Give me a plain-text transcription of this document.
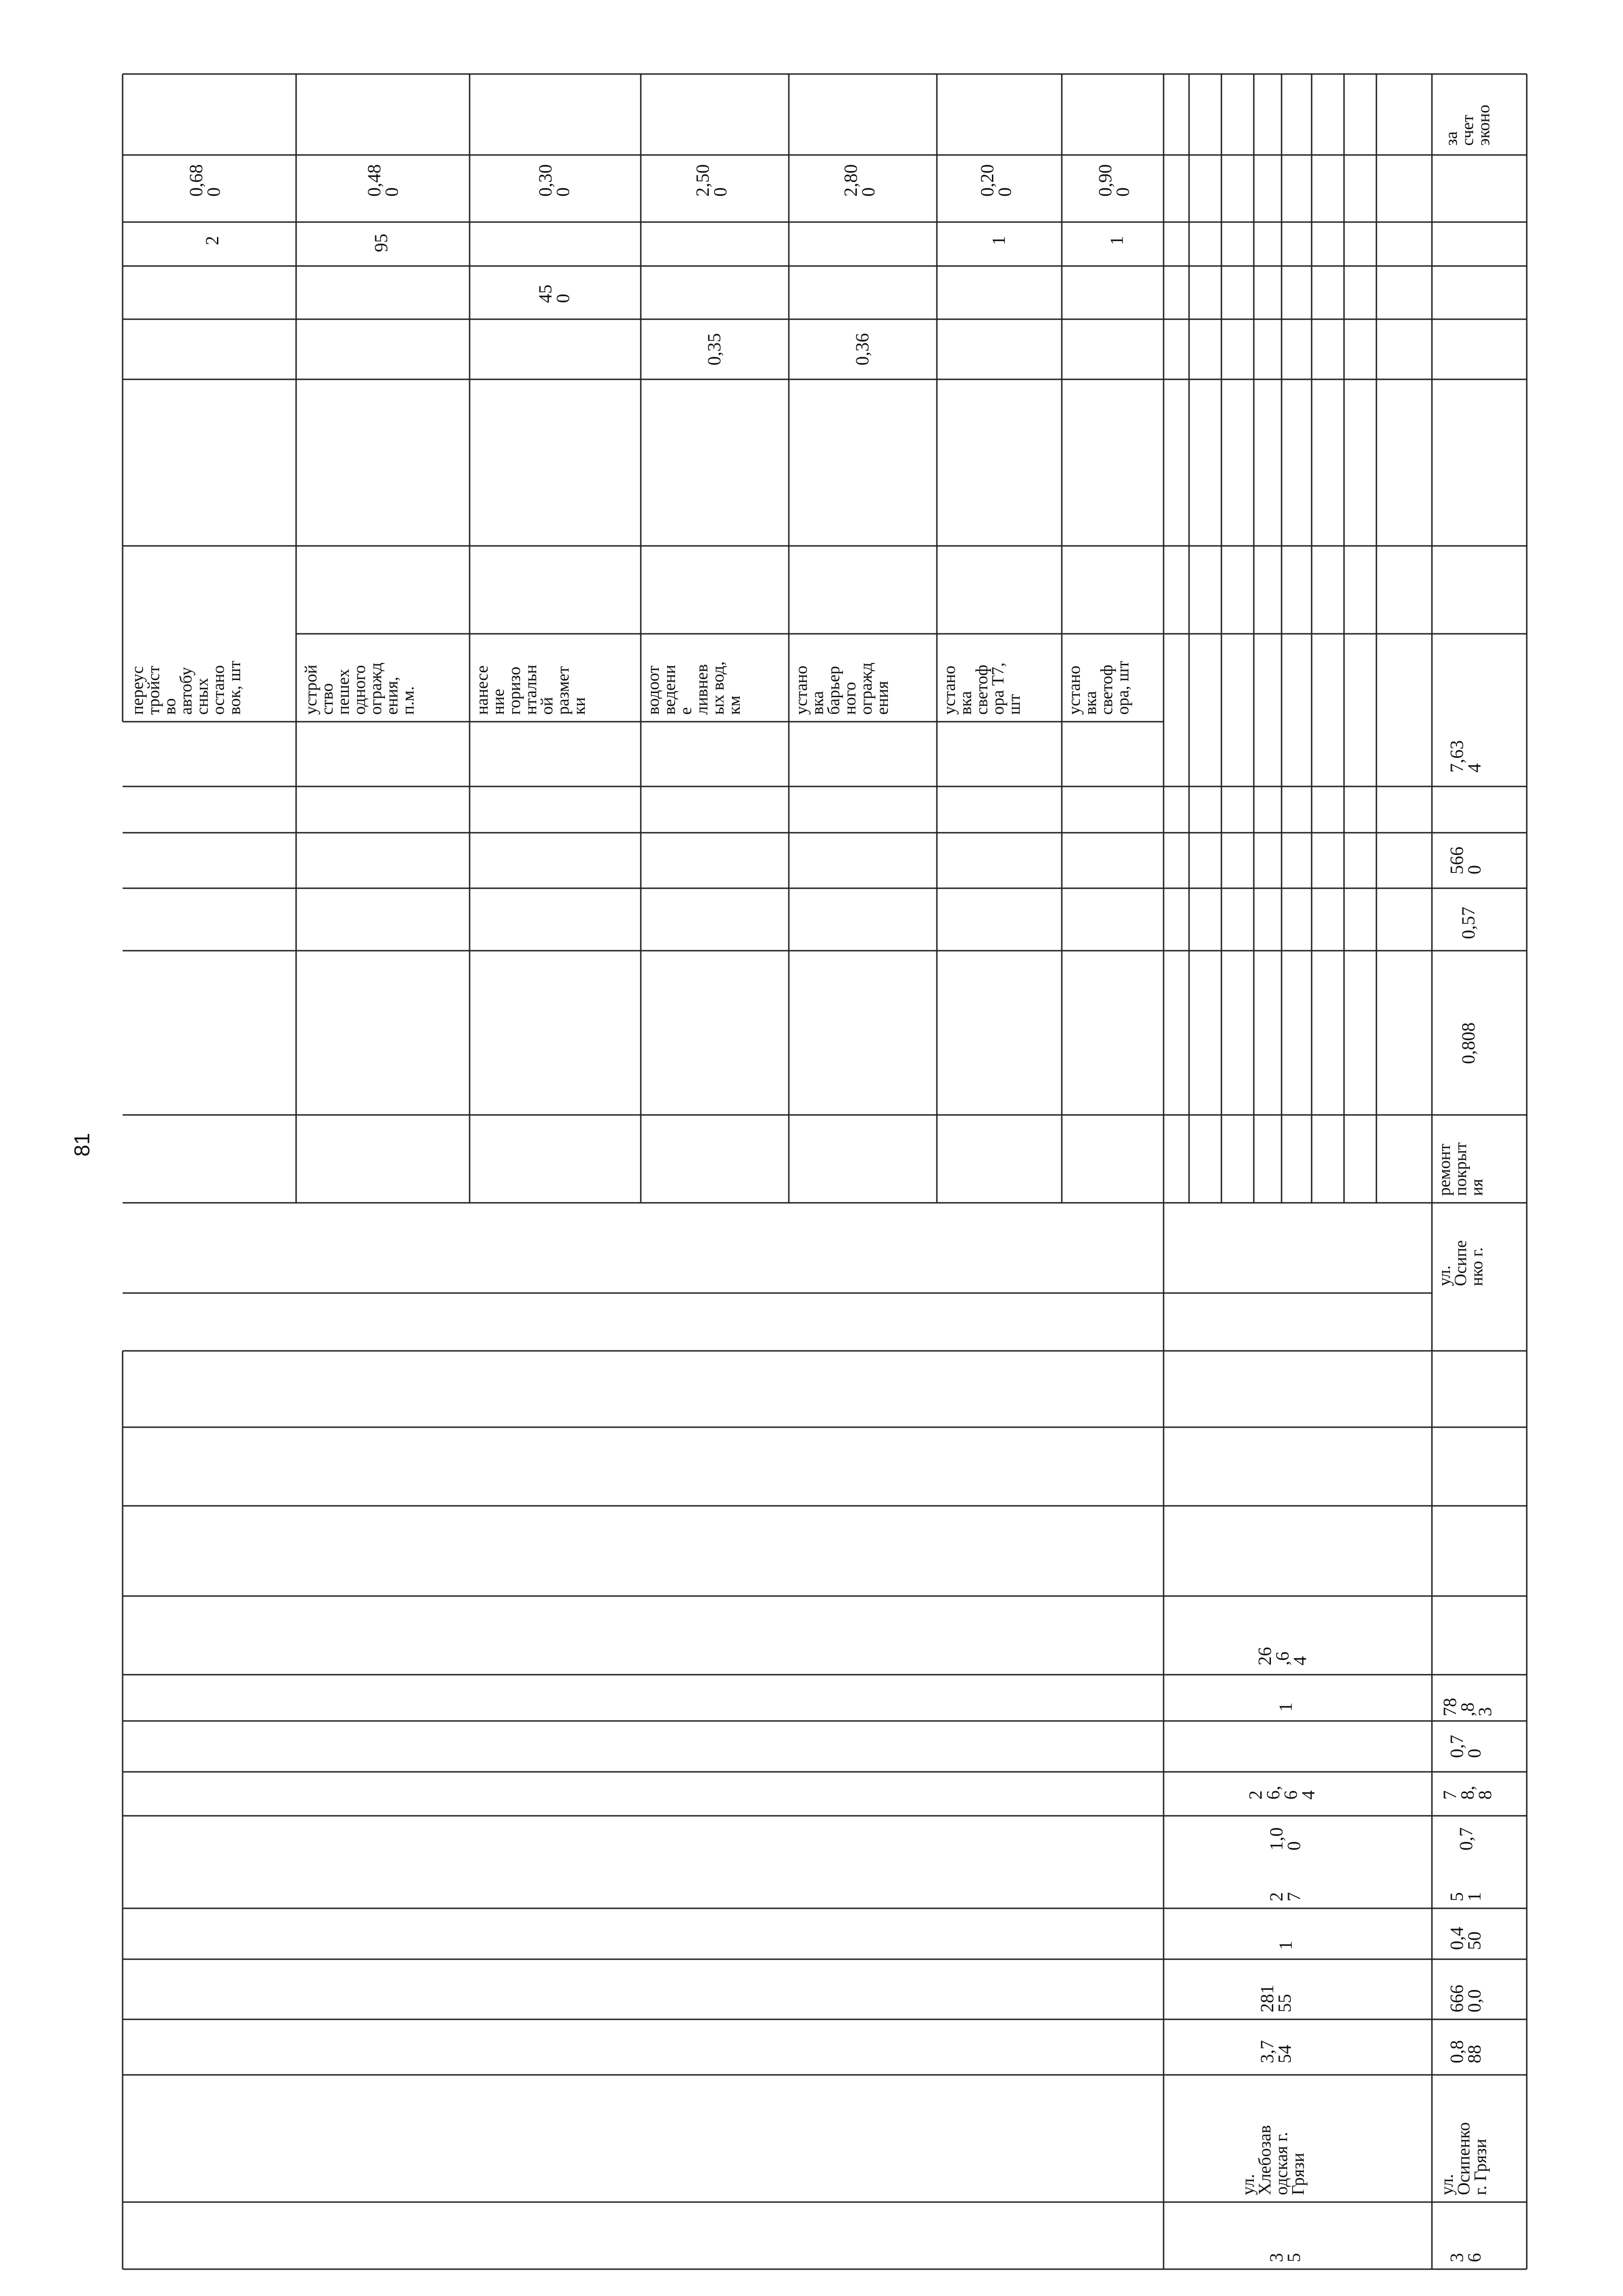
81
переус
тройст
во
автобу
сных
остано
вок, шт
2
0,68
0
устрой
ство
пешех
одного
огражд
ения,
п.м.
95
0,48
0
нанесе
ние
горизо
нтальн
ой
размет
ки
45
0
0,30
0
водоот
ведени
е
ливнев
ых вод,
км
0,35
2,50
0
устано
вка
барьер
ного
огражд
ения
0,36
2,80
0
устано
вка
светоф
ора Т7,
шт
1
0,20
0
устано
вка
светоф
ора, шт
1
0,90
0
за
счет
эконо
7,63
4
566
0
0,57
0,808
ремонт
покрыт
ия
ул.
Осипе
нко г.
3
5
ул.
Хлебозав
одская г.
Грязи
3,7
54
281
55
1
2
7
1,0
0
2
6,
6
4
1
26
,6
4
3
6
ул.
Осипенко
г. Грязи
0,8
88
666
0,0
0,4
50
5
1
0,7
7
8,
8
0,7
0
78
,8
3
